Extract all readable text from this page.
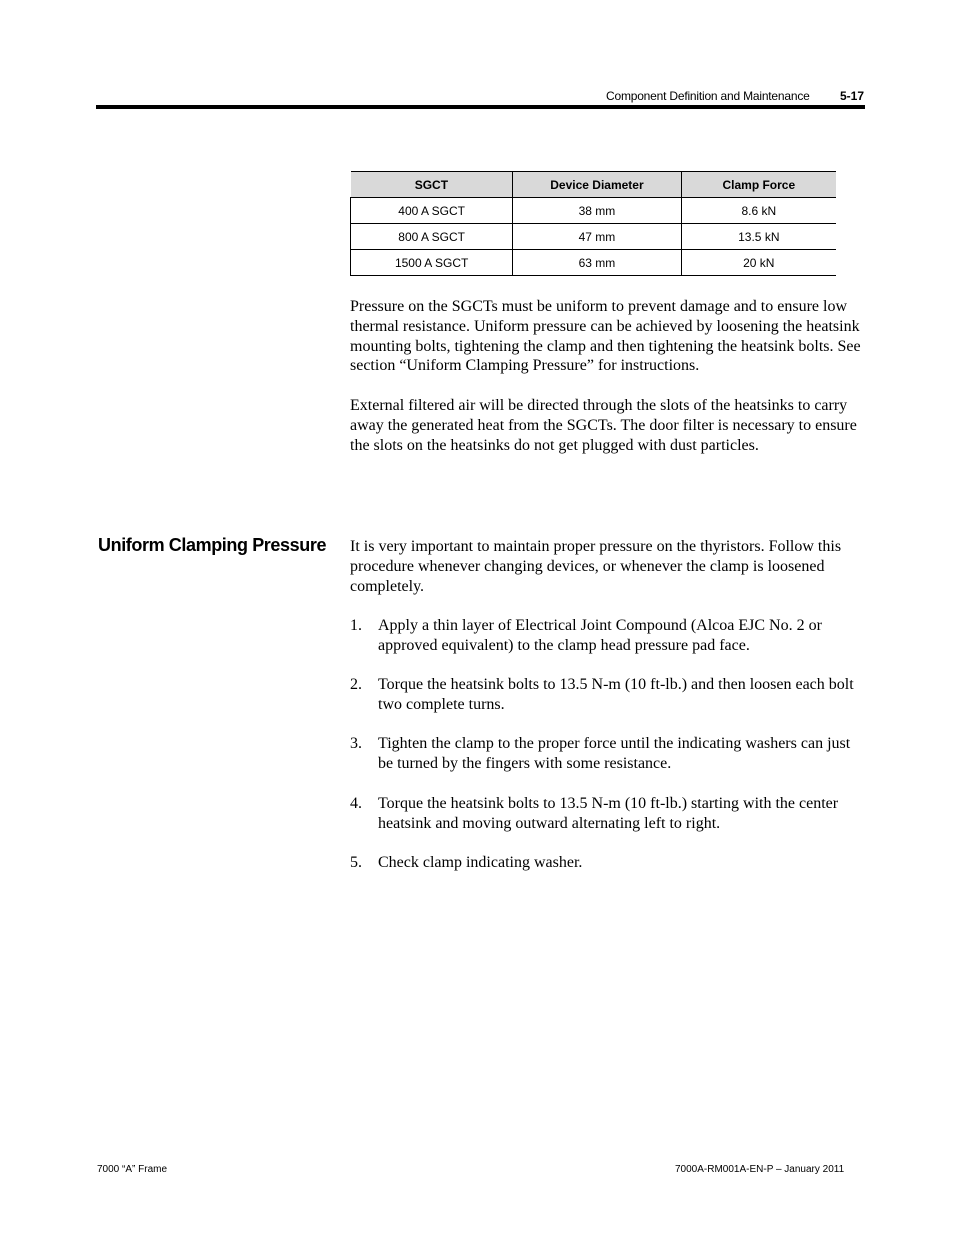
Component Definition and Maintenance	5-17
SGCT	Device Diameter	Clamp Force
400 A SGCT	38 mm	8.6 kN
800 A SGCT	47 mm	13.5 kN
1500 A SGCT	63 mm	20 kN

Pressure on the SGCTs must be uniform to prevent damage and to ensure low thermal resistance. Uniform pressure can be achieved by loosening the heatsink mounting bolts, tightening the clamp and then tightening the heatsink bolts. See section “Uniform Clamping Pressure” for instructions.

External filtered air will be directed through the slots of the heatsinks to carry away the generated heat from the SGCTs. The door filter is necessary to ensure the slots on the heatsinks do not get plugged with dust particles.

Uniform Clamping Pressure It is very important to maintain proper pressure on the thyristors. Follow this procedure whenever changing devices, or whenever the clamp is loosened completely.

1. Apply a thin layer of Electrical Joint Compound (Alcoa EJC No. 2 or approved equivalent) to the clamp head pressure pad face.
2. Torque the heatsink bolts to 13.5 N-m (10 ft-lb.) and then loosen each bolt two complete turns.
3. Tighten the clamp to the proper force until the indicating washers can just be turned by the fingers with some resistance.
4. Torque the heatsink bolts to 13.5 N-m (10 ft-lb.) starting with the center heatsink and moving outward alternating left to right.
5. Check clamp indicating washer.
7000 “A” Frame	7000A-RM001A-EN-P – January 2011
